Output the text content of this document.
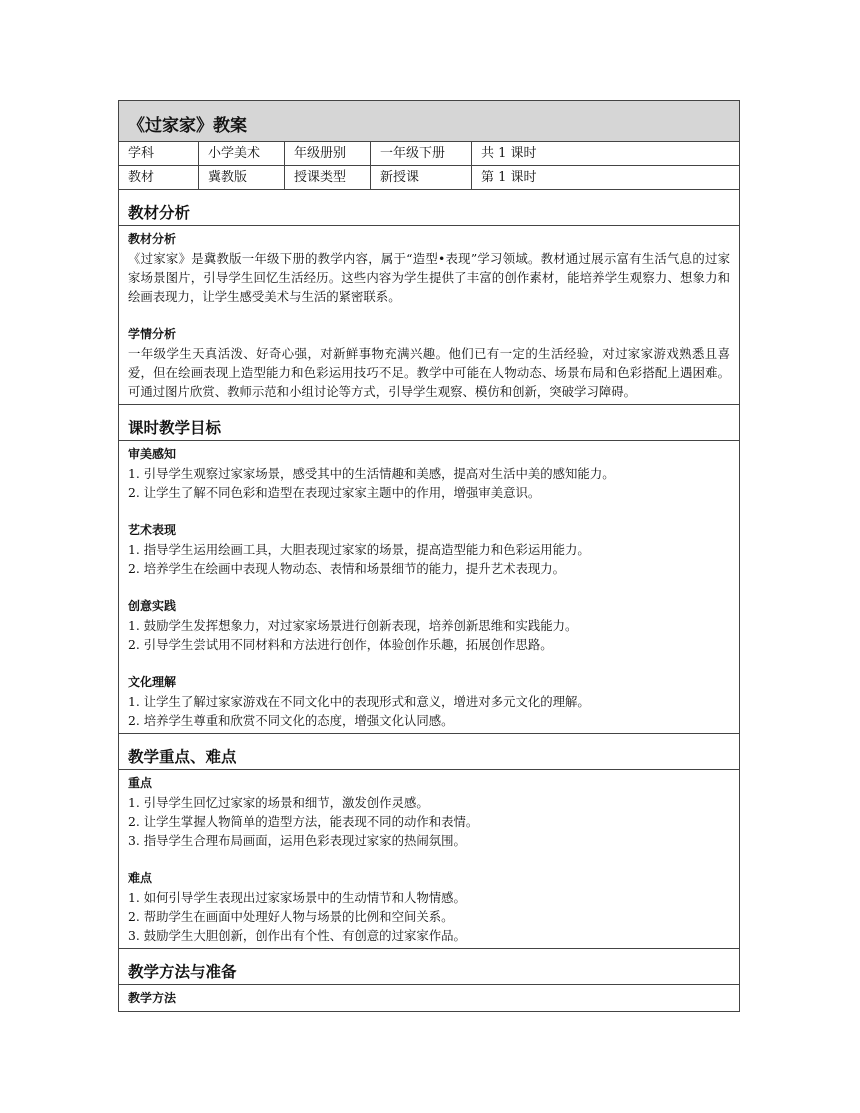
《过家家》教案
学科	小学美术	年级册别	一年级下册	共 1 课时
教材	冀教版	授课类型	新授课	第 1 课时
教材分析
教材分析
《过家家》是冀教版一年级下册的教学内容，属于“造型•表现”学习领域。教材通过展示富有生活气息的过家家场景图片，引导学生回忆生活经历。这些内容为学生提供了丰富的创作素材，能培养学生观察力、想象力和绘画表现力，让学生感受美术与生活的紧密联系。
学情分析
一年级学生天真活泼、好奇心强，对新鲜事物充满兴趣。他们已有一定的生活经验，对过家家游戏熟悉且喜爱，但在绘画表现上造型能力和色彩运用技巧不足。教学中可能在人物动态、场景布局和色彩搭配上遇困难。可通过图片欣赏、教师示范和小组讨论等方式，引导学生观察、模仿和创新，突破学习障碍。
课时教学目标
审美感知
1. 引导学生观察过家家场景，感受其中的生活情趣和美感，提高对生活中美的感知能力。
2. 让学生了解不同色彩和造型在表现过家家主题中的作用，增强审美意识。
艺术表现
1. 指导学生运用绘画工具，大胆表现过家家的场景，提高造型能力和色彩运用能力。
2. 培养学生在绘画中表现人物动态、表情和场景细节的能力，提升艺术表现力。
创意实践
1. 鼓励学生发挥想象力，对过家家场景进行创新表现，培养创新思维和实践能力。
2. 引导学生尝试用不同材料和方法进行创作，体验创作乐趣，拓展创作思路。
文化理解
1. 让学生了解过家家游戏在不同文化中的表现形式和意义，增进对多元文化的理解。
2. 培养学生尊重和欣赏不同文化的态度，增强文化认同感。
教学重点、难点
重点
1. 引导学生回忆过家家的场景和细节，激发创作灵感。
2. 让学生掌握人物简单的造型方法，能表现不同的动作和表情。
3. 指导学生合理布局画面，运用色彩表现过家家的热闹氛围。
难点
1. 如何引导学生表现出过家家场景中的生动情节和人物情感。
2. 帮助学生在画面中处理好人物与场景的比例和空间关系。
3. 鼓励学生大胆创新，创作出有个性、有创意的过家家作品。
教学方法与准备
教学方法
